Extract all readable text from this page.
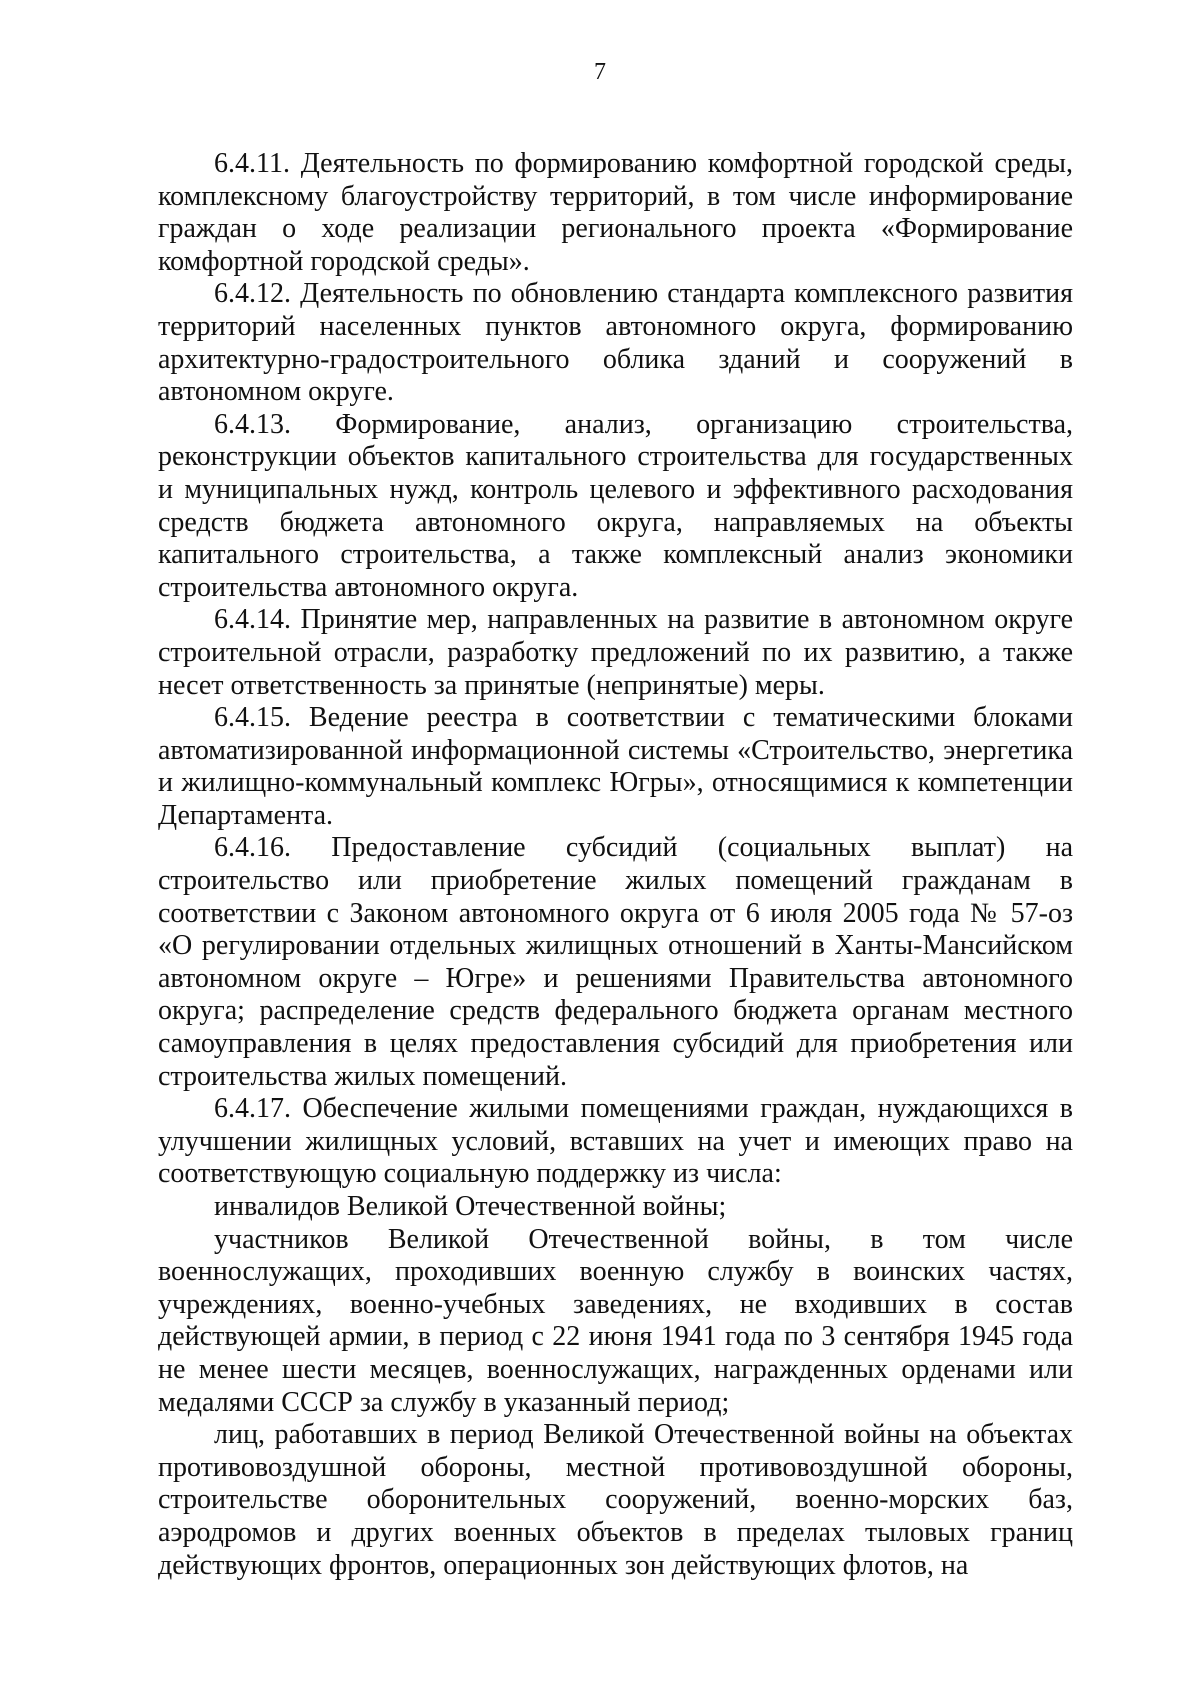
7

6.4.11. Деятельность по формированию комфортной городской среды, комплексному благоустройству территорий, в том числе информирование граждан о ходе реализации регионального проекта «Формирование комфортной городской среды».

6.4.12. Деятельность по обновлению стандарта комплексного развития территорий населенных пунктов автономного округа, формированию архитектурно-градостроительного облика зданий и сооружений в автономном округе.

6.4.13. Формирование, анализ, организацию строительства, реконструкции объектов капитального строительства для государственных и муниципальных нужд, контроль целевого и эффективного расходования средств бюджета автономного округа, направляемых на объекты капитального строительства, а также комплексный анализ экономики строительства автономного округа.

6.4.14. Принятие мер, направленных на развитие в автономном округе строительной отрасли, разработку предложений по их развитию, а также несет ответственность за принятые (непринятые) меры.

6.4.15. Ведение реестра в соответствии с тематическими блоками автоматизированной информационной системы «Строительство, энергетика и жилищно-коммунальный комплекс Югры», относящимися к компетенции Департамента.

6.4.16. Предоставление субсидий (социальных выплат) на строительство или приобретение жилых помещений гражданам в соответствии с Законом автономного округа от 6 июля 2005 года № 57-оз «О регулировании отдельных жилищных отношений в Ханты-Мансийском автономном округе – Югре» и решениями Правительства автономного округа; распределение средств федерального бюджета органам местного самоуправления в целях предоставления субсидий для приобретения или строительства жилых помещений.

6.4.17. Обеспечение жилыми помещениями граждан, нуждающихся в улучшении жилищных условий, вставших на учет и имеющих право на соответствующую социальную поддержку из числа:

инвалидов Великой Отечественной войны;

участников Великой Отечественной войны, в том числе военнослужащих, проходивших военную службу в воинских частях, учреждениях, военно-учебных заведениях, не входивших в состав действующей армии, в период с 22 июня 1941 года по 3 сентября 1945 года не менее шести месяцев, военнослужащих, награжденных орденами или медалями СССР за службу в указанный период;

лиц, работавших в период Великой Отечественной войны на объектах противовоздушной обороны, местной противовоздушной обороны, строительстве оборонительных сооружений, военно-морских баз, аэродромов и других военных объектов в пределах тыловых границ действующих фронтов, операционных зон действующих флотов, на
